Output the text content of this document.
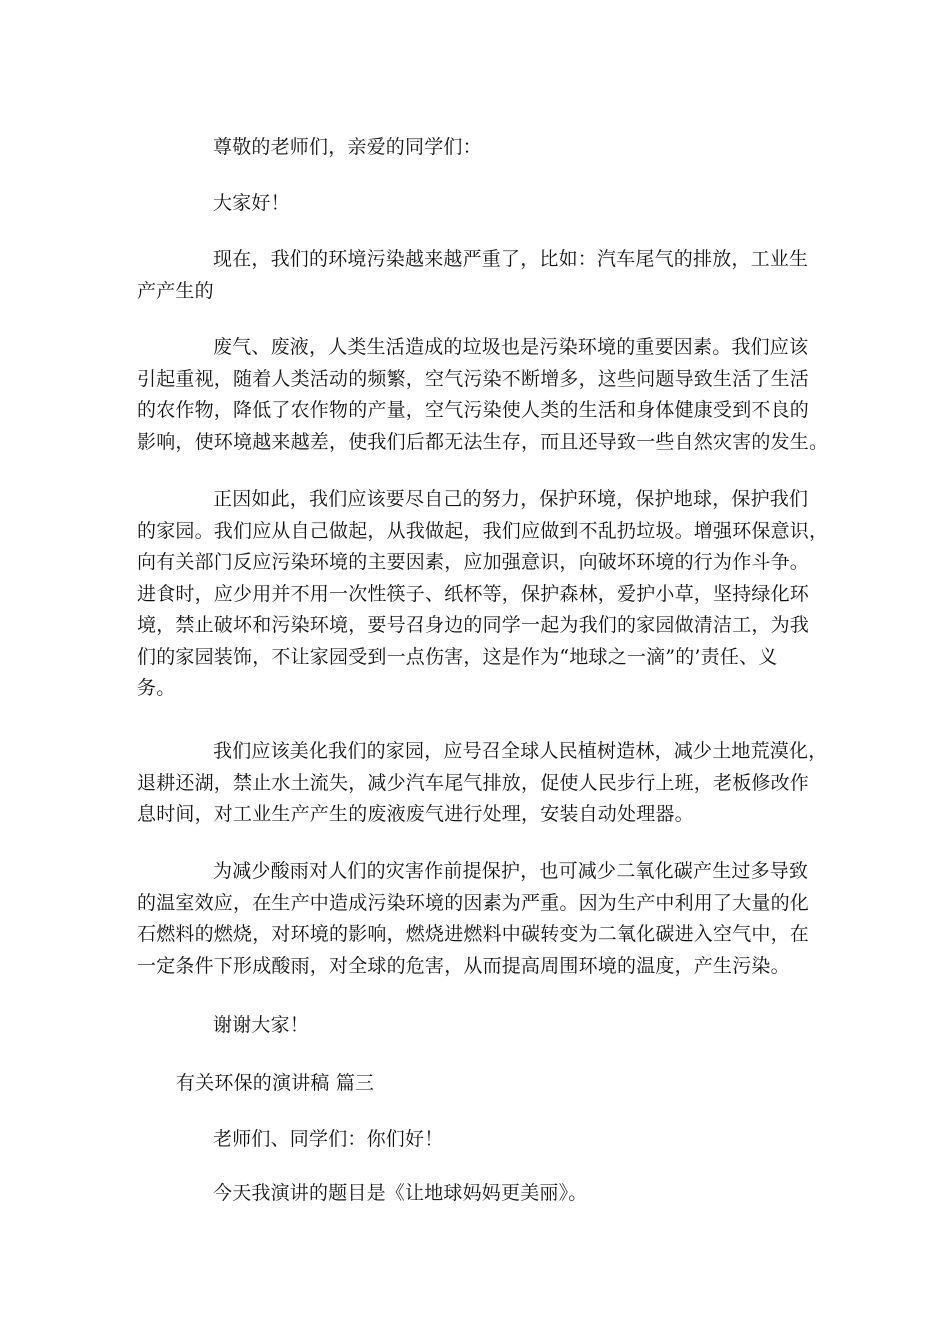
尊敬的老师们，亲爱的同学们：

大家好！

现在，我们的环境污染越来越严重了，比如：汽车尾气的排放，工业生
产产生的

废气、废液，人类生活造成的垃圾也是污染环境的重要因素。我们应该
引起重视，随着人类活动的频繁，空气污染不断增多，这些问题导致生活了生活
的农作物，降低了农作物的产量，空气污染使人类的生活和身体健康受到不良的
影响，使环境越来越差，使我们后都无法生存，而且还导致一些自然灾害的发生。

正因如此，我们应该要尽自己的努力，保护环境，保护地球，保护我们
的家园。我们应从自己做起，从我做起，我们应做到不乱扔垃圾。增强环保意识，
向有关部门反应污染环境的主要因素，应加强意识，向破坏环境的行为作斗争。
进食时，应少用并不用一次性筷子、纸杯等，保护森林，爱护小草，坚持绿化环
境，禁止破坏和污染环境，要号召身边的同学一起为我们的家园做清洁工，为我
们的家园装饰，不让家园受到一点伤害，这是作为“地球之一滴”的’责任、义
务。

我们应该美化我们的家园，应号召全球人民植树造林，减少土地荒漠化，
退耕还湖，禁止水土流失，减少汽车尾气排放，促使人民步行上班，老板修改作
息时间，对工业生产产生的废液废气进行处理，安装自动处理器。

为减少酸雨对人们的灾害作前提保护，也可减少二氧化碳产生过多导致
的温室效应，在生产中造成污染环境的因素为严重。因为生产中利用了大量的化
石燃料的燃烧，对环境的影响，燃烧进燃料中碳转变为二氧化碳进入空气中，在
一定条件下形成酸雨，对全球的危害，从而提高周围环境的温度，产生污染。

谢谢大家！

有关环保的演讲稿 篇三

老师们、同学们：你们好！

今天我演讲的题目是《让地球妈妈更美丽》。
